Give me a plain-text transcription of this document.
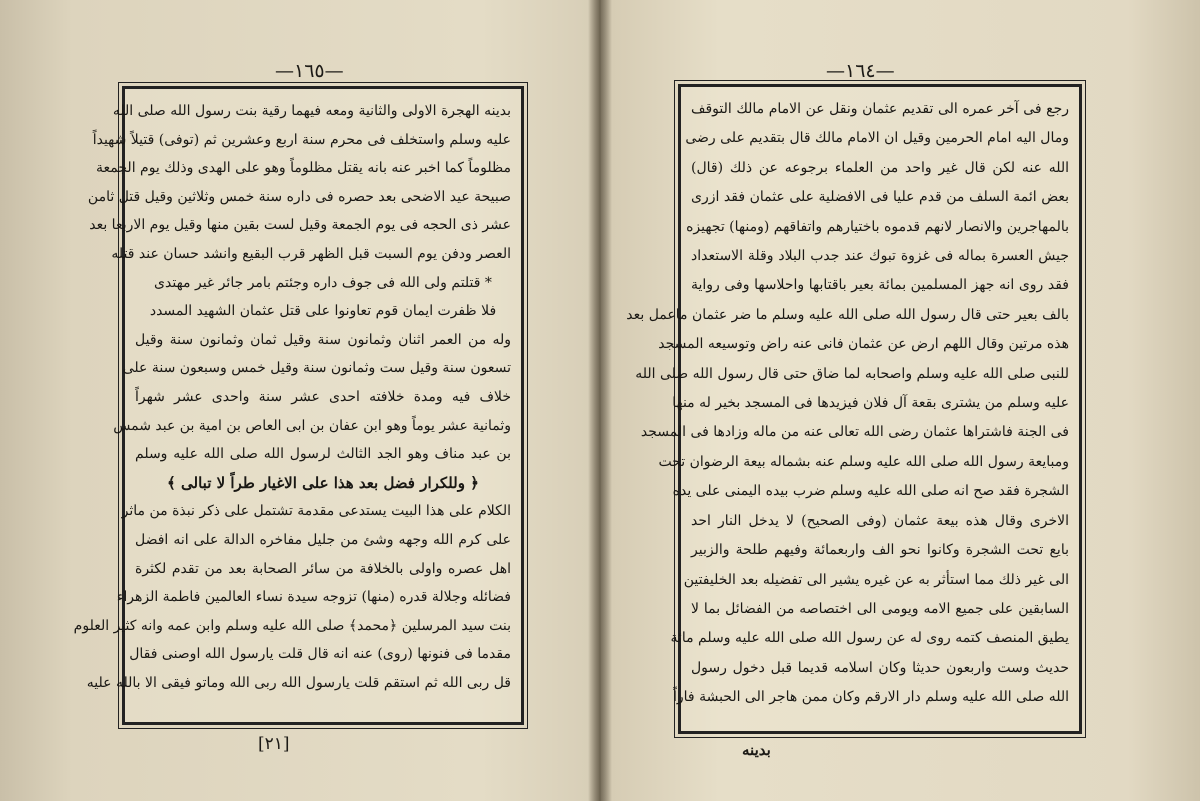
—١٦٥—
بدينه الهجرة الاولى والثانية ومعه فيهما رقية بنت رسول الله صلى الله
عليه وسلم واستخلف فى محرم سنة اربع وعشرين ثم (توفى) قتيلاً شهيداً
مظلوماً كما اخبر عنه بانه يقتل مظلوماً وهو على الهدى وذلك يوم الجمعة
صبيحة عيد الاضحى بعد حصره فى داره سنة خمس وثلاثين وقيل قتل ثامن
عشر ذى الحجه فى يوم الجمعة وقيل لست بقين منها وقيل يوم الاربعا بعد
العصر ودفن يوم السبت قبل الظهر قرب البقيع وانشد حسان عند قتله
* قتلتم ولى الله فى جوف داره وجئتم بامر جائر غير مهتدى
فلا ظفرت ايمان قوم تعاونوا على قتل عثمان الشهيد المسدد
وله من العمر اثنان وثمانون سنة وقيل ثمان وثمانون سنة وقيل
تسعون سنة وقيل ست وثمانون سنة وقيل خمس وسبعون سنة على
خلاف فيه ومدة خلافته احدى عشر سنة واحدى عشر شهراً
وثمانية عشر يوماً وهو ابن عفان بن ابى العاص بن امية بن عبد شمس
بن عبد مناف وهو الجد الثالث لرسول الله صلى الله عليه وسلم
﴿ وللكرار فضل بعد هذا على الاغيار طراً لا تبالى ﴾
الكلام على هذا البيت يستدعى مقدمة تشتمل على ذكر نبذة من ماثر
على كرم الله وجهه وشئ من جليل مفاخره الدالة على انه افضل
اهل عصره واولى بالخلافة من سائر الصحابة بعد من تقدم لكثرة
فضائله وجلالة قدره (منها) تزوجه سيدة نساء العالمين فاطمة الزهراء
بنت سيد المرسلين ﴿محمد﴾ صلى الله عليه وسلم وابن عمه وانه كثير العلوم
مقدما فى فنونها (روى) عنه انه قال قلت يارسول الله اوصنى فقال
قل ربى الله ثم استقم قلت يارسول الله ربى الله وماتو فيقى الا بالله عليه
[٢١]
—١٦٤—
رجع فى آخر عمره الى تقديم عثمان ونقل عن الامام مالك التوقف
ومال اليه امام الحرمين وقيل ان الامام مالك قال بتقديم على رضى
الله عنه لكن قال غير واحد من العلماء برجوعه عن ذلك (قال)
بعض ائمة السلف من قدم عليا فى الافضلية على عثمان فقد ازرى
بالمهاجرين والانصار لانهم قدموه باختيارهم واتفاقهم (ومنها) تجهيزه
جيش العسرة بماله فى غزوة تبوك عند جدب البلاد وقلة الاستعداد
فقد روى انه جهز المسلمين بمائة بعير باقتابها واحلاسها وفى رواية
بالف بعير حتى قال رسول الله صلى الله عليه وسلم ما ضر عثمان ماعمل بعد
هذه مرتين وقال اللهم ارض عن عثمان فانى عنه راض وتوسيعه المسجد
للنبى صلى الله عليه وسلم واصحابه لما ضاق حتى قال رسول الله صلى الله
عليه وسلم من يشترى بقعة آل فلان فيزيدها فى المسجد بخير له منها
فى الجنة فاشتراها عثمان رضى الله تعالى عنه من ماله وزادها فى المسجد
ومبايعة رسول الله صلى الله عليه وسلم عنه بشماله بيعة الرضوان تحت
الشجرة فقد صح انه صلى الله عليه وسلم ضرب بيده اليمنى على يده
الاخرى وقال هذه بيعة عثمان (وفى الصحيح) لا يدخل النار احد
بايع تحت الشجرة وكانوا نحو الف واربعمائة وفيهم طلحة والزبير
الى غير ذلك مما استأثر به عن غيره يشير الى تفضيله بعد الخليفتين
السابقين على جميع الامه ويومى الى اختصاصه من الفضائل بما لا
يطيق المنصف كتمه روى له عن رسول الله صلى الله عليه وسلم مائة
حديث وست واربعون حديثا وكان اسلامه قديما قبل دخول رسول
الله صلى الله عليه وسلم دار الارقم وكان ممن هاجر الى الحبشة فاراً
بدينه
